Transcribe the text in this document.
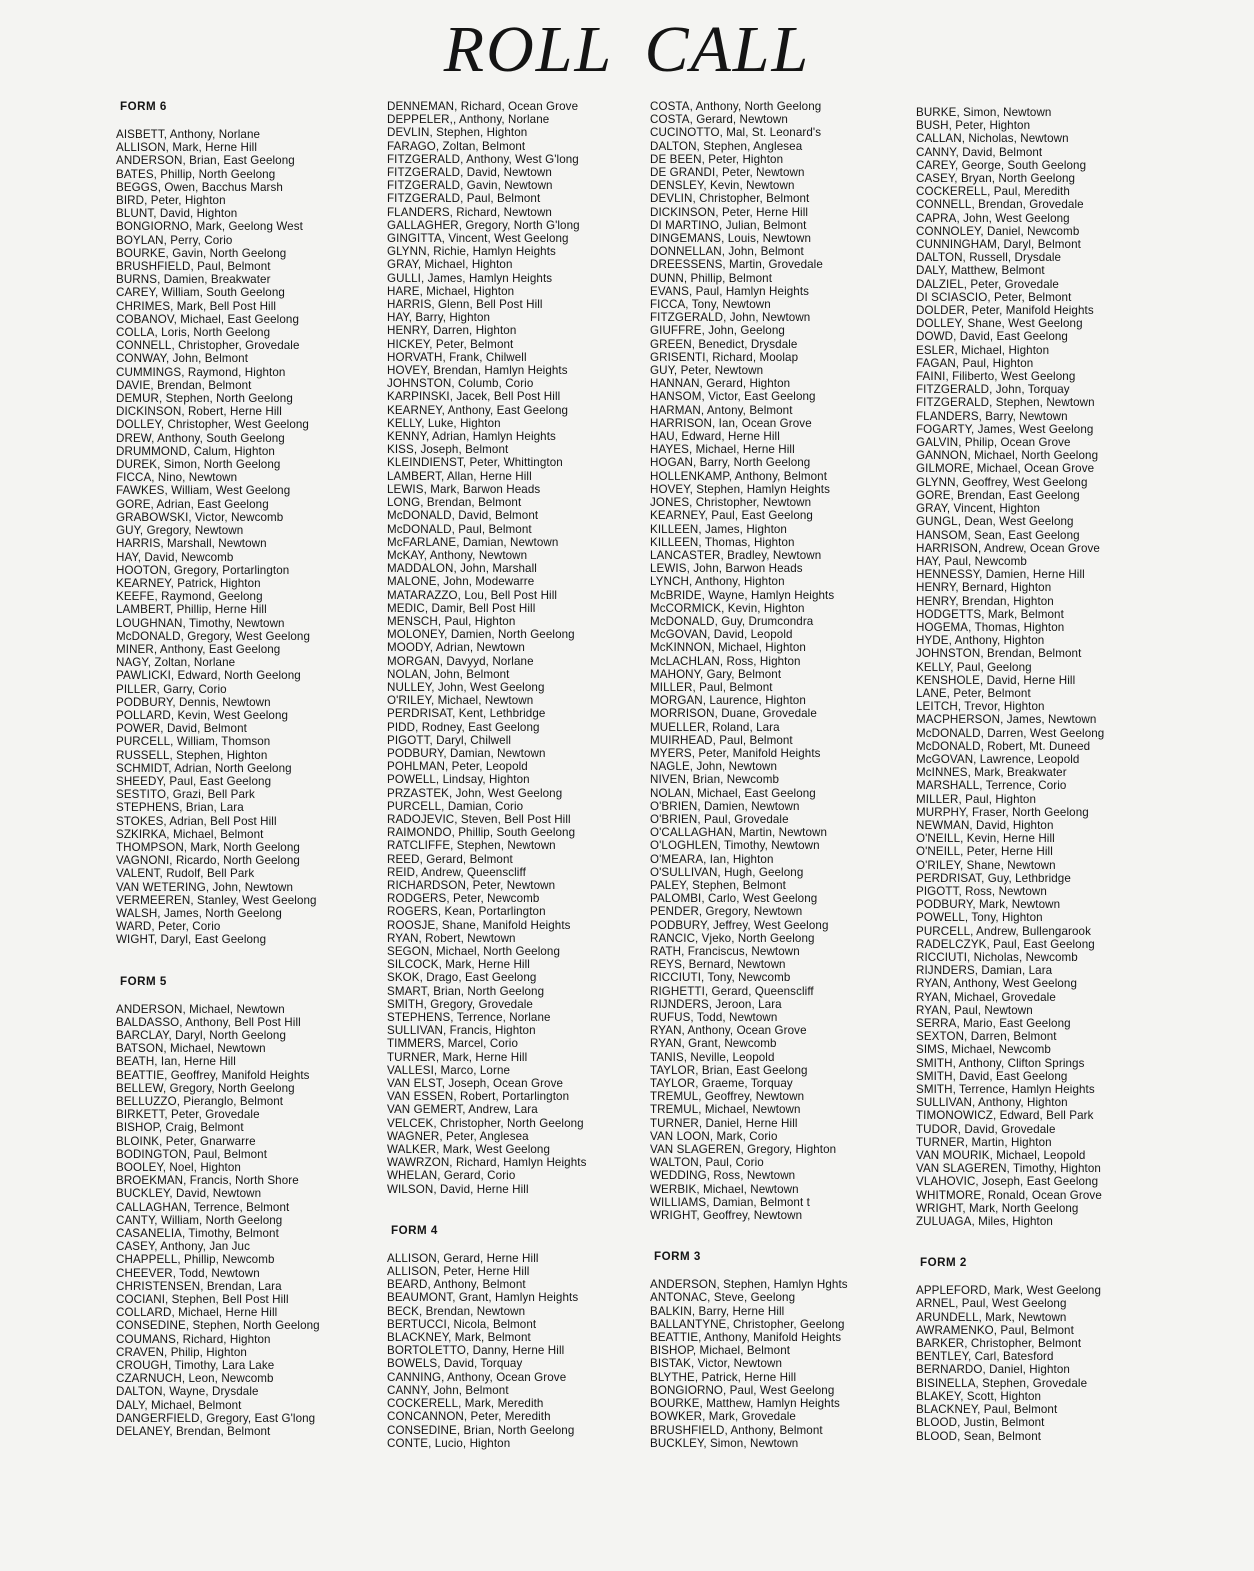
ROLL CALL
FORM 6
AISBETT, Anthony, Norlane
ALLISON, Mark, Herne Hill
ANDERSON, Brian, East Geelong
BATES, Phillip, North Geelong
BEGGS, Owen, Bacchus Marsh
BIRD, Peter, Highton
BLUNT, David, Highton
BONGIORNO, Mark, Geelong West
BOYLAN, Perry, Corio
BOURKE, Gavin, North Geelong
BRUSHFIELD, Paul, Belmont
BURNS, Damien, Breakwater
CAREY, William, South Geelong
CHRIMES, Mark, Bell Post Hill
COBANOV, Michael, East Geelong
COLLA, Loris, North Geelong
CONNELL, Christopher, Grovedale
CONWAY, John, Belmont
CUMMINGS, Raymond, Highton
DAVIE, Brendan, Belmont
DEMUR, Stephen, North Geelong
DICKINSON, Robert, Herne Hill
DOLLEY, Christopher, West Geelong
DREW, Anthony, South Geelong
DRUMMOND, Calum, Highton
DUREK, Simon, North Geelong
FICCA, Nino, Newtown
FAWKES, William, West Geelong
GORE, Adrian, East Geelong
GRABOWSKI, Victor, Newcomb
GUY, Gregory, Newtown
HARRIS, Marshall, Newtown
HAY, David, Newcomb
HOOTON, Gregory, Portarlington
KEARNEY, Patrick, Highton
KEEFE, Raymond, Geelong
LAMBERT, Phillip, Herne Hill
LOUGHNAN, Timothy, Newtown
McDONALD, Gregory, West Geelong
MINER, Anthony, East Geelong
NAGY, Zoltan, Norlane
PAWLICKI, Edward, North Geelong
PILLER, Garry, Corio
PODBURY, Dennis, Newtown
POLLARD, Kevin, West Geelong
POWER, David, Belmont
PURCELL, William, Thomson
RUSSELL, Stephen, Highton
SCHMIDT, Adrian, North Geelong
SHEEDY, Paul, East Geelong
SESTITO, Grazi, Bell Park
STEPHENS, Brian, Lara
STOKES, Adrian, Bell Post Hill
SZKIRKA, Michael, Belmont
THOMPSON, Mark, North Geelong
VAGNONI, Ricardo, North Geelong
VALENT, Rudolf, Bell Park
VAN WETERING, John, Newtown
VERMEEREN, Stanley, West Geelong
WALSH, James, North Geelong
WARD, Peter, Corio
WIGHT, Daryl, East Geelong
FORM 5
ANDERSON, Michael, Newtown
BALDASSO, Anthony, Bell Post Hill
BARCLAY, Daryl, North Geelong
BATSON, Michael, Newtown
BEATH, Ian, Herne Hill
BEATTIE, Geoffrey, Manifold Heights
BELLEW, Gregory, North Geelong
BELLUZZO, Pieranglo, Belmont
BIRKETT, Peter, Grovedale
BISHOP, Craig, Belmont
BLOINK, Peter, Gnarwarre
BODINGTON, Paul, Belmont
BOOLEY, Noel, Highton
BROEKMAN, Francis, North Shore
BUCKLEY, David, Newtown
CALLAGHAN, Terrence, Belmont
CANTY, William, North Geelong
CASANELIA, Timothy, Belmont
CASEY, Anthony, Jan Juc
CHAPPELL, Phillip, Newcomb
CHEEVER, Todd, Newtown
CHRISTENSEN, Brendan, Lara
COCIANI, Stephen, Bell Post Hill
COLLARD, Michael, Herne Hill
CONSEDINE, Stephen, North Geelong
COUMANS, Richard, Highton
CRAVEN, Philip, Highton
CROUGH, Timothy, Lara Lake
CZARNUCH, Leon, Newcomb
DALTON, Wayne, Drysdale
DALY, Michael, Belmont
DANGERFIELD, Gregory, East G'long
DELANEY, Brendan, Belmont
DENNEMAN, Richard, Ocean Grove
DEPPELER,, Anthony, Norlane
DEVLIN, Stephen, Highton
FARAGO, Zoltan, Belmont
FITZGERALD, Anthony, West G'long
FITZGERALD, David, Newtown
FITZGERALD, Gavin, Newtown
FITZGERALD, Paul, Belmont
FLANDERS, Richard, Newtown
GALLAGHER, Gregory, North G'long
GINGITTA, Vincent, West Geelong
GLYNN, Richie, Hamlyn Heights
GRAY, Michael, Highton
GULLI, James, Hamlyn Heights
HARE, Michael, Highton
HARRIS, Glenn, Bell Post Hill
HAY, Barry, Highton
HENRY, Darren, Highton
HICKEY, Peter, Belmont
HORVATH, Frank, Chilwell
HOVEY, Brendan, Hamlyn Heights
JOHNSTON, Columb, Corio
KARPINSKI, Jacek, Bell Post Hill
KEARNEY, Anthony, East Geelong
KELLY, Luke, Highton
KENNY, Adrian, Hamlyn Heights
KISS, Joseph, Belmont
KLEINDIENST, Peter, Whittington
LAMBERT, Allan, Herne Hill
LEWIS, Mark, Barwon Heads
LONG, Brendan, Belmont
McDONALD, David, Belmont
McDONALD, Paul, Belmont
McFARLANE, Damian, Newtown
McKAY, Anthony, Newtown
MADDALON, John, Marshall
MALONE, John, Modewarre
MATARAZZO, Lou, Bell Post Hill
MEDIC, Damir, Bell Post Hill
MENSCH, Paul, Highton
MOLONEY, Damien, North Geelong
MOODY, Adrian, Newtown
MORGAN, Davyyd, Norlane
NOLAN, John, Belmont
NULLEY, John, West Geelong
O'RILEY, Michael, Newtown
PERDRISAT, Kent, Lethbridge
PIDD, Rodney, East Geelong
PIGOTT, Daryl, Chilwell
PODBURY, Damian, Newtown
POHLMAN, Peter, Leopold
POWELL, Lindsay, Highton
PRZASTEK, John, West Geelong
PURCELL, Damian, Corio
RADOJEVIC, Steven, Bell Post Hill
RAIMONDO, Phillip, South Geelong
RATCLIFFE, Stephen, Newtown
REED, Gerard, Belmont
REID, Andrew, Queenscliff
RICHARDSON, Peter, Newtown
RODGERS, Peter, Newcomb
ROGERS, Kean, Portarlington
ROOSJE, Shane, Manifold Heights
RYAN, Robert, Newtown
SEGON, Michael, North Geelong
SILCOCK, Mark, Herne Hill
SKOK, Drago, East Geelong
SMART, Brian, North Geelong
SMITH, Gregory, Grovedale
STEPHENS, Terrence, Norlane
SULLIVAN, Francis, Highton
TIMMERS, Marcel, Corio
TURNER, Mark, Herne Hill
VALLESI, Marco, Lorne
VAN ELST, Joseph, Ocean Grove
VAN ESSEN, Robert, Portarlington
VAN GEMERT, Andrew, Lara
VELCEK, Christopher, North Geelong
WAGNER, Peter, Anglesea
WALKER, Mark, West Geelong
WAWRZON, Richard, Hamlyn Heights
WHELAN, Gerard, Corio
WILSON, David, Herne Hill
FORM 4
ALLISON, Gerard, Herne Hill
ALLISON, Peter, Herne Hill
BEARD, Anthony, Belmont
BEAUMONT, Grant, Hamlyn Heights
BECK, Brendan, Newtown
BERTUCCI, Nicola, Belmont
BLACKNEY, Mark, Belmont
BORTOLETTO, Danny, Herne Hill
BOWELS, David, Torquay
CANNING, Anthony, Ocean Grove
CANNY, John, Belmont
COCKERELL, Mark, Meredith
CONCANNON, Peter, Meredith
CONSEDINE, Brian, North Geelong
CONTE, Lucio, Highton
COSTA, Anthony, North Geelong
COSTA, Gerard, Newtown
CUCINOTTO, Mal, St. Leonard's
DALTON, Stephen, Anglesea
DE BEEN, Peter, Highton
DE GRANDI, Peter, Newtown
DENSLEY, Kevin, Newtown
DEVLIN, Christopher, Belmont
DICKINSON, Peter, Herne Hill
DI MARTINO, Julian, Belmont
DINGEMANS, Louis, Newtown
DONNELLAN, John, Belmont
DREESSENS, Martin, Grovedale
DUNN, Phillip, Belmont
EVANS, Paul, Hamlyn Heights
FICCA, Tony, Newtown
FITZGERALD, John, Newtown
GIUFFRE, John, Geelong
GREEN, Benedict, Drysdale
GRISENTI, Richard, Moolap
GUY, Peter, Newtown
HANNAN, Gerard, Highton
HANSOM, Victor, East Geelong
HARMAN, Antony, Belmont
HARRISON, Ian, Ocean Grove
HAU, Edward, Herne Hill
HAYES, Michael, Herne Hill
HOGAN, Barry, North Geelong
HOLLENKAMP, Anthony, Belmont
HOVEY, Stephen, Hamlyn Heights
JONES, Christopher, Newtown
KEARNEY, Paul, East Geelong
KILLEEN, James, Highton
KILLEEN, Thomas, Highton
LANCASTER, Bradley, Newtown
LEWIS, John, Barwon Heads
LYNCH, Anthony, Highton
McBRIDE, Wayne, Hamlyn Heights
McCORMICK, Kevin, Highton
McDONALD, Guy, Drumcondra
McGOVAN, David, Leopold
McKINNON, Michael, Highton
McLACHLAN, Ross, Highton
MAHONY, Gary, Belmont
MILLER, Paul, Belmont
MORGAN, Laurence, Highton
MORRISON, Duane, Grovedale
MUELLER, Roland, Lara
MUIRHEAD, Paul, Belmont
MYERS, Peter, Manifold Heights
NAGLE, John, Newtown
NIVEN, Brian, Newcomb
NOLAN, Michael, East Geelong
O'BRIEN, Damien, Newtown
O'BRIEN, Paul, Grovedale
O'CALLAGHAN, Martin, Newtown
O'LOGHLEN, Timothy, Newtown
O'MEARA, Ian, Highton
O'SULLIVAN, Hugh, Geelong
PALEY, Stephen, Belmont
PALOMBI, Carlo, West Geelong
PENDER, Gregory, Newtown
PODBURY, Jeffrey, West Geelong
RANCIC, Vjeko, North Geelong
RATH, Franciscus, Newtown
REYS, Bernard, Newtown
RICCIUTI, Tony, Newcomb
RIGHETTI, Gerard, Queenscliff
RIJNDERS, Jeroon, Lara
RUFUS, Todd, Newtown
RYAN, Anthony, Ocean Grove
RYAN, Grant, Newcomb
TANIS, Neville, Leopold
TAYLOR, Brian, East Geelong
TAYLOR, Graeme, Torquay
TREMUL, Geoffrey, Newtown
TREMUL, Michael, Newtown
TURNER, Daniel, Herne Hill
VAN LOON, Mark, Corio
VAN SLAGEREN, Gregory, Highton
WALTON, Paul, Corio
WEDDING, Ross, Newtown
WERBIK, Michael, Newtown
WILLIAMS, Damian, Belmont t
WRIGHT, Geoffrey, Newtown
FORM 3
ANDERSON, Stephen, Hamlyn Hghts
ANTONAC, Steve, Geelong
BALKIN, Barry, Herne Hill
BALLANTYNE, Christopher, Geelong
BEATTIE, Anthony, Manifold Heights
BISHOP, Michael, Belmont
BISTAK, Victor, Newtown
BLYTHE, Patrick, Herne Hill
BONGIORNO, Paul, West Geelong
BOURKE, Matthew, Hamlyn Heights
BOWKER, Mark, Grovedale
BRUSHFIELD, Anthony, Belmont
BUCKLEY, Simon, Newtown
BURKE, Simon, Newtown
BUSH, Peter, Highton
CALLAN, Nicholas, Newtown
CANNY, David, Belmont
CAREY, George, South Geelong
CASEY, Bryan, North Geelong
COCKERELL, Paul, Meredith
CONNELL, Brendan, Grovedale
CAPRA, John, West Geelong
CONNOLEY, Daniel, Newcomb
CUNNINGHAM, Daryl, Belmont
DALTON, Russell, Drysdale
DALY, Matthew, Belmont
DALZIEL, Peter, Grovedale
DI SCIASCIO, Peter, Belmont
DOLDER, Peter, Manifold Heights
DOLLEY, Shane, West Geelong
DOWD, David, East Geelong
ESLER, Michael, Highton
FAGAN, Paul, Highton
FAINI, Filiberto, West Geelong
FITZGERALD, John, Torquay
FITZGERALD, Stephen, Newtown
FLANDERS, Barry, Newtown
FOGARTY, James, West Geelong
GALVIN, Philip, Ocean Grove
GANNON, Michael, North Geelong
GILMORE, Michael, Ocean Grove
GLYNN, Geoffrey, West Geelong
GORE, Brendan, East Geelong
GRAY, Vincent, Highton
GUNGL, Dean, West Geelong
HANSOM, Sean, East Geelong
HARRISON, Andrew, Ocean Grove
HAY, Paul, Newcomb
HENNESSY, Damien, Herne Hill
HENRY, Bernard, Highton
HENRY, Brendan, Highton
HODGETTS, Mark, Belmont
HOGEMA, Thomas, Highton
HYDE, Anthony, Highton
JOHNSTON, Brendan, Belmont
KELLY, Paul, Geelong
KENSHOLE, David, Herne Hill
LANE, Peter, Belmont
LEITCH, Trevor, Highton
MACPHERSON, James, Newtown
McDONALD, Darren, West Geelong
McDONALD, Robert, Mt. Duneed
McGOVAN, Lawrence, Leopold
McINNES, Mark, Breakwater
MARSHALL, Terrence, Corio
MILLER, Paul, Highton
MURPHY, Fraser, North Geelong
NEWMAN, David, Highton
O'NEILL, Kevin, Herne Hill
O'NEILL, Peter, Herne Hill
O'RILEY, Shane, Newtown
PERDRISAT, Guy, Lethbridge
PIGOTT, Ross, Newtown
PODBURY, Mark, Newtown
POWELL, Tony, Highton
PURCELL, Andrew, Bullengarook
RADELCZYK, Paul, East Geelong
RICCIUTI, Nicholas, Newcomb
RIJNDERS, Damian, Lara
RYAN, Anthony, West Geelong
RYAN, Michael, Grovedale
RYAN, Paul, Newtown
SERRA, Mario, East Geelong
SEXTON, Darren, Belmont
SIMS, Michael, Newcomb
SMITH, Anthony, Clifton Springs
SMITH, David, East Geelong
SMITH, Terrence, Hamlyn Heights
SULLIVAN, Anthony, Highton
TIMONOWICZ, Edward, Bell Park
TUDOR, David, Grovedale
TURNER, Martin, Highton
VAN MOURIK, Michael, Leopold
VAN SLAGEREN, Timothy, Highton
VLAHOVIC, Joseph, East Geelong
WHITMORE, Ronald, Ocean Grove
WRIGHT, Mark, North Geelong
ZULUAGA, Miles, Highton
FORM 2
APPLEFORD, Mark, West Geelong
ARNEL, Paul, West Geelong
ARUNDELL, Mark, Newtown
AWRAMENKO, Paul, Belmont
BARKER, Christopher, Belmont
BENTLEY, Carl, Batesford
BERNARDO, Daniel, Highton
BISINELLA, Stephen, Grovedale
BLAKEY, Scott, Highton
BLACKNEY, Paul, Belmont
BLOOD, Justin, Belmont
BLOOD, Sean, Belmont
